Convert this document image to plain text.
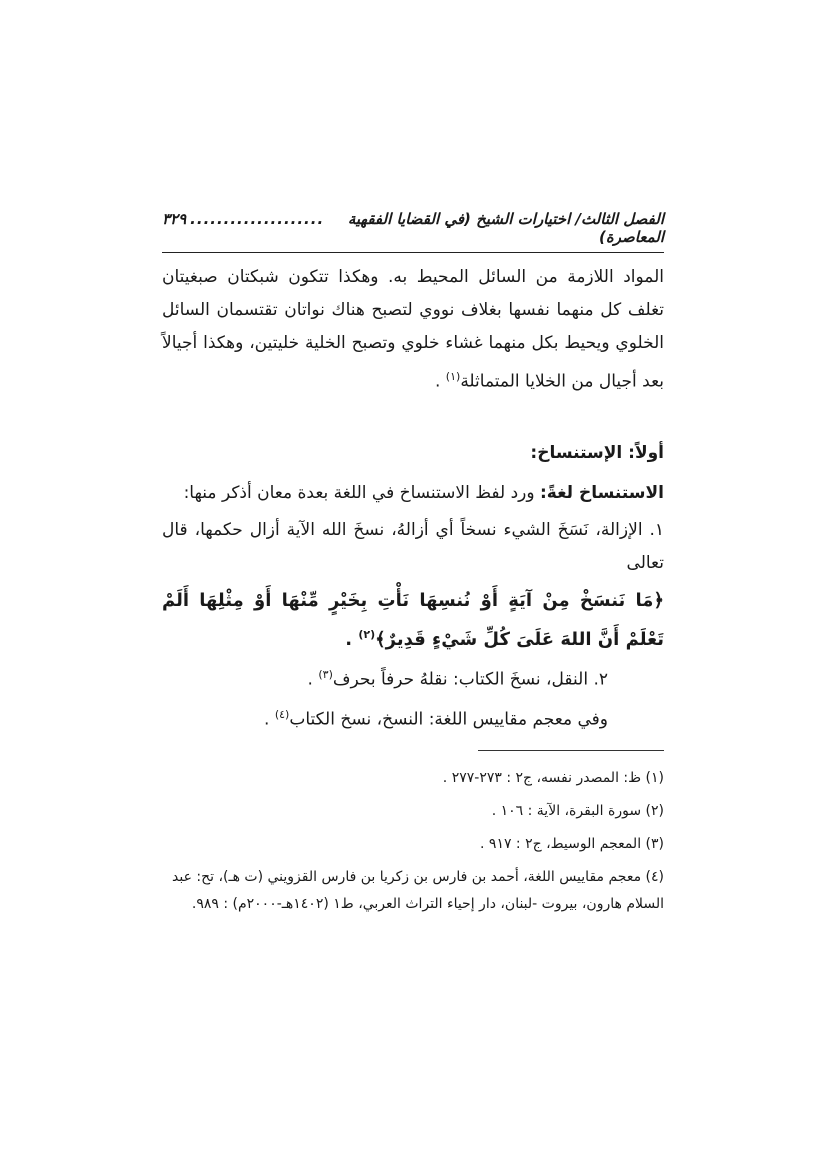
الفصل الثالث/ اختيارات الشيخ (في القضايا الفقهية المعاصرة)
....................
٣٢٩

المواد اللازمة من السائل المحيط به. وهكذا تتكون شبكتان صبغيتان تغلف كل منهما نفسها بغلاف نووي لتصبح هناك نواتان تقتسمان السائل الخلوي ويحيط بكل منهما غشاء خلوي وتصبح الخلية خليتين، وهكذا أجيالاً بعد أجيال من الخلايا المتماثلة$^{(١)}$ .

أولاً: الإستنساخ:

الاستنساخ لغةً: ورد لفظ الاستنساخ في اللغة بعدة معان أذكر منها:

١. الإزالة، نَسَخَ الشيء نسخاً أي أزالهُ، نسخَ الله الآية أزال حكمها، قال تعالى

﴿مَا نَنسَخْ مِنْ آيَةٍ أَوْ نُنسِهَا نَأْتِ بِخَيْرٍ مِّنْهَا أَوْ مِثْلِهَا أَلَمْ تَعْلَمْ أَنَّ اللهَ عَلَىَ كُلِّ شَيْءٍ قَدِيرٌ﴾$^{(٢)}$ .

٢. النقل، نسخَ الكتاب: نقلهُ حرفاً بحرف$^{(٣)}$ .

وفي معجم مقاييس اللغة: النسخ، نسخ الكتاب$^{(٤)}$ .

(١) ظ: المصدر نفسه، ج٢ : ٢٧٣-٢٧٧ .
(٢) سورة البقرة، الآية : ١٠٦ .
(٣) المعجم الوسيط، ج٢ : ٩١٧ .
(٤) معجم مقاييس اللغة، أحمد بن فارس بن زكريا بن فارس القزويني (ت هـ)، تح: عبد السلام هارون، بيروت -لبنان، دار إحياء التراث العربي، ط١ (١٤٠٢هـ-٢٠٠٠م) : ٩٨٩.
